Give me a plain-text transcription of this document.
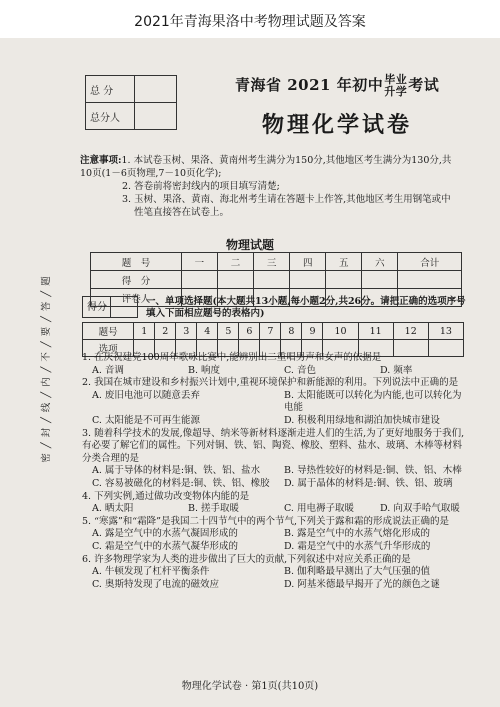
2021年青海果洛中考物理试题及答案
总 分	
总分人	
青海省 2021 年初中毕业
升学考试
物理化学试卷
密 ╱ 封 ╱ 线 ╱ 内 ╱ 不 ╱ 要 ╱ 答 ╱ 题
注意事项:1. 本试卷玉树、果洛、黄南州考生满分为150分,其他地区考生满分为130分,共10页(1－6页物理,7－10页化学);
2. 答卷前将密封线内的项目填写清楚;
3. 玉树、果洛、黄南、海北州考生请在答题卡上作答,其他地区考生用钢笔或中性笔直接答在试卷上。
物理试题
题　号	一	二	三	四	五	六	合计
得　分							
评卷人							
得分
一、单项选择题(本大题共13小题,每小题2分,共26分。请把正确的选项序号填入下面相应题号的表格内)
题号	1	2	3	4	5	6	7	8	9	10	11	12	13
选项													
1. 在庆祝建党100周年歌咏比赛中,能辨别出二重唱男声和女声的依据是
A. 音调	B. 响度	C. 音色	D. 频率
2. 我国在城市建设和乡村振兴计划中,重视环境保护和新能源的利用。下列说法中正确的是
A. 废旧电池可以随意丢弃	B. 太阳能既可以转化为内能,也可以转化为电能
C. 太阳能是不可再生能源	D. 积极利用绿地和湖泊加快城市建设
3. 随着科学技术的发展,像超导、纳米等新材料逐渐走进人们的生活,为了更好地服务于我们,有必要了解它们的属性。下列对铜、铁、铝、陶瓷、橡胶、塑料、盐水、玻璃、木棒等材料分类合理的是
A. 属于导体的材料是:铜、铁、铝、盐水	B. 导热性较好的材料是:铜、铁、铝、木棒
C. 容易被磁化的材料是:铜、铁、铝、橡胶	D. 属于晶体的材料是:铜、铁、铝、玻璃
4. 下列实例,通过做功改变物体内能的是
A. 晒太阳	B. 搓手取暖	C. 用电褥子取暖	D. 向双手哈气取暖
5. “寒露”和“霜降”是我国二十四节气中的两个节气,下列关于露和霜的形成说法正确的是
A. 露是空气中的水蒸气凝固形成的	B. 露是空气中的水蒸气熔化形成的
C. 霜是空气中的水蒸气凝华形成的	D. 霜是空气中的水蒸气升华形成的
6. 许多物理学家为人类的进步做出了巨大的贡献,下列叙述中对应关系正确的是
A. 牛顿发现了杠杆平衡条件	B. 伽利略最早测出了大气压强的值
C. 奥斯特发现了电流的磁效应	D. 阿基米德最早揭开了光的颜色之谜
物理化学试卷 · 第1页(共10页)
